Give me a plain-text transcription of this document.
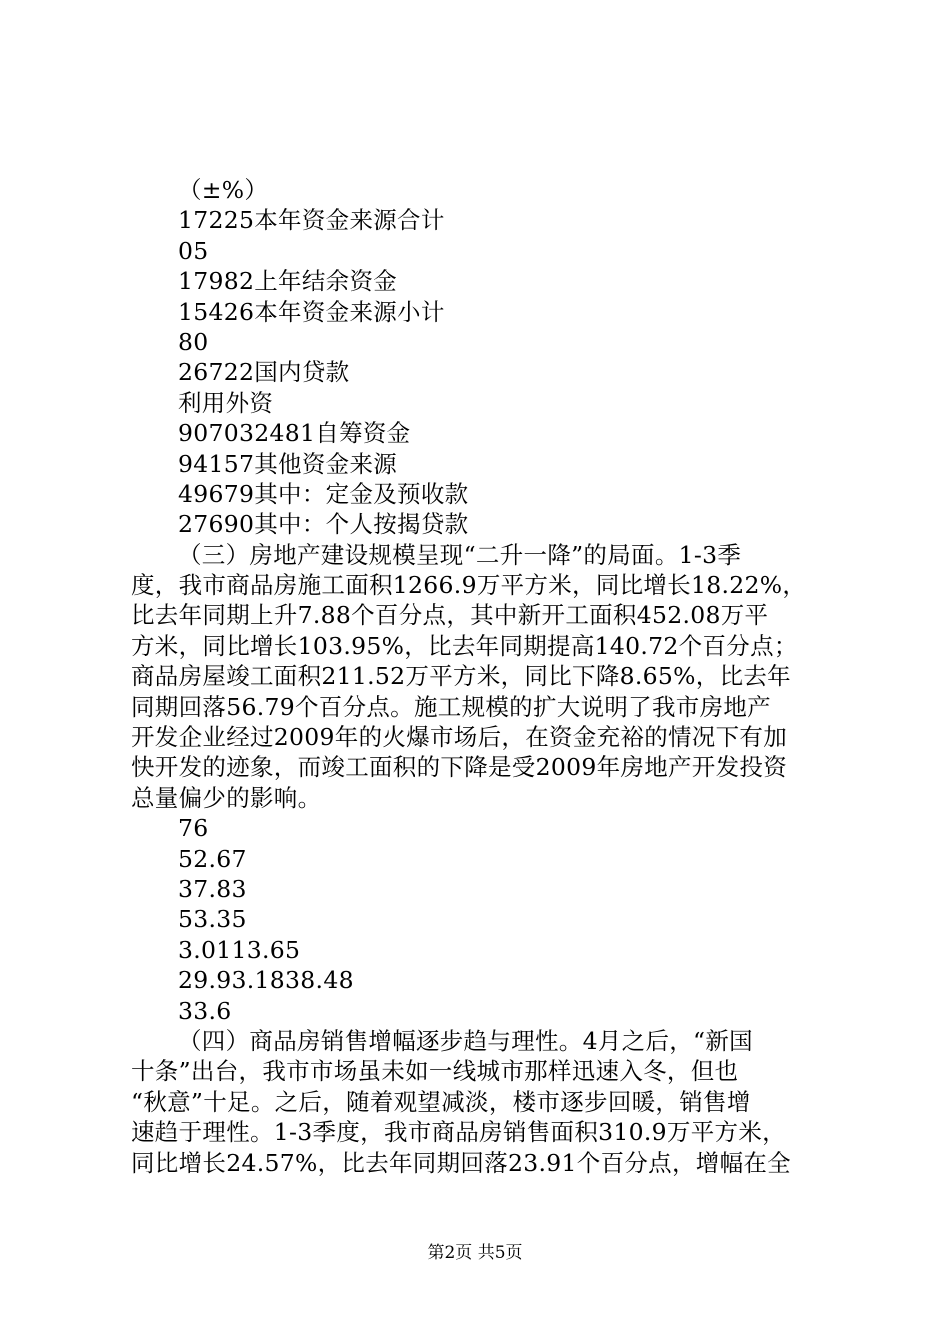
（±%）
17225本年资金来源合计
05
17982上年结余资金
15426本年资金来源小计
80
26722国内贷款
利用外资
907032481自筹资金
94157其他资金来源
49679其中：定金及预收款
27690其中：个人按揭贷款
（三）房地产建设规模呈现“二升一降”的局面。1-3季
度，我市商品房施工面积1266.9万平方米，同比增长18.22%，
比去年同期上升7.88个百分点，其中新开工面积452.08万平
方米，同比增长103.95%，比去年同期提高140.72个百分点；
商品房屋竣工面积211.52万平方米，同比下降8.65%，比去年
同期回落56.79个百分点。施工规模的扩大说明了我市房地产
开发企业经过2009年的火爆市场后，在资金充裕的情况下有加
快开发的迹象，而竣工面积的下降是受2009年房地产开发投资
总量偏少的影响。
76
52.67
37.83
53.35
3.0113.65
29.93.1838.48
33.6
（四）商品房销售增幅逐步趋与理性。4月之后，“新国
十条”出台，我市市场虽未如一线城市那样迅速入冬，但也
“秋意”十足。之后，随着观望减淡，楼市逐步回暖，销售增
速趋于理性。1-3季度，我市商品房销售面积310.9万平方米，
同比增长24.57%，比去年同期回落23.91个百分点，增幅在全
第2页 共5页
